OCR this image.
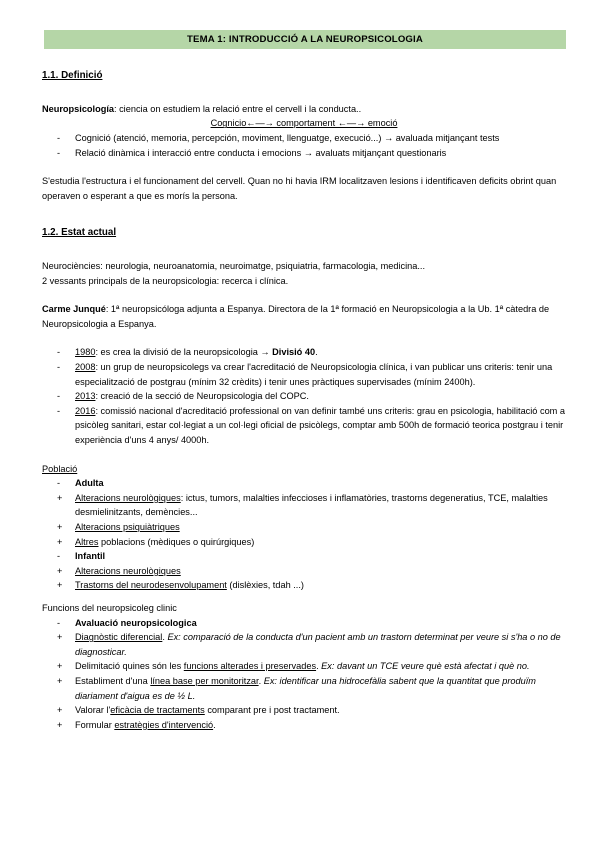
TEMA 1: INTRODUCCIÓ A LA NEUROPSICOLOGIA
1.1. Definició

Neuropsicología: ciencia on estudiem la relació entre el cervell i la conducta..

Cognicio←—→ comportament ←—→ emoció

- Cognició (atenció, memoria, percepción, moviment, llenguatge, execució...) → avaluada mitjançant tests
- Relació dinàmica i interacció entre conducta i emocions → avaluats mitjançant questionaris

S'estudia l'estructura i el funcionament del cervell. Quan no hi havia IRM localitzaven lesions i identificaven deficits obrint quan operaven o esperant a que es morís la persona.

1.2. Estat actual

Neurociències: neurologia, neuroanatomia, neuroimatge, psiquiatria, farmacologia, medicina...

2 vessants principals de la neuropsicologia: recerca i clínica.

Carme Junqué: 1ª neuropsicóloga adjunta a Espanya. Directora de la 1ª formació en Neuropsicologia a la Ub. 1ª càtedra de Neuropsicologia a Espanya.

- 1980: es crea la divisió de la neuropsicologia → Divisió 40.
- 2008: un grup de neuropsicolegs va crear l'acreditació de Neuropsicologia clínica, i van publicar uns criteris: tenir una especialització de postgrau (mínim 32 crèdits) i tenir unes pràctiques supervisades (mínim 2400h).
- 2013: creació de la secció de Neuropsicologia del COPC.
- 2016: comissió nacional d'acreditació professional on van definir també uns criteris: grau en psicologia, habilitació com a psicòleg sanitari, estar col·legiat a un col·legi oficial de psicòlegs, comptar amb 500h de formació teorica postgrau i tenir experiència d'uns 4 anys/ 4000h.

Població

- Adulta
+ Alteracions neurològiques: ictus, tumors, malalties infeccioses i inflamatòries, trastorns degeneratius, TCE, malalties desmielinitzants, demències...
+ Alteracions psiquiàtriques
+ Altres poblacions (mèdiques o quirúrgiques)
- Infantil
+ Alteracions neurològiques
+ Trastorns del neurodesenvolupament (dislèxies, tdah ...)

Funcions del neuropsicoleg clinic

- Avaluació neuropsicologica
+ Diagnòstic diferencial. Ex: comparació de la conducta d'un pacient amb un trastorn determinat per veure si s'ha o no de diagnosticar.
+ Delimitació quines són les funcions alterades i preservades. Ex: davant un TCE veure què està afectat i què no.
+ Establiment d'una línea base per monitoritzar. Ex: identificar una hidrocefàlia sabent que la quantitat que produïm diariament d'aigua es de ½ L.
+ Valorar l'eficàcia de tractaments comparant pre i post tractament.
+ Formular estratègies d'intervenció.
